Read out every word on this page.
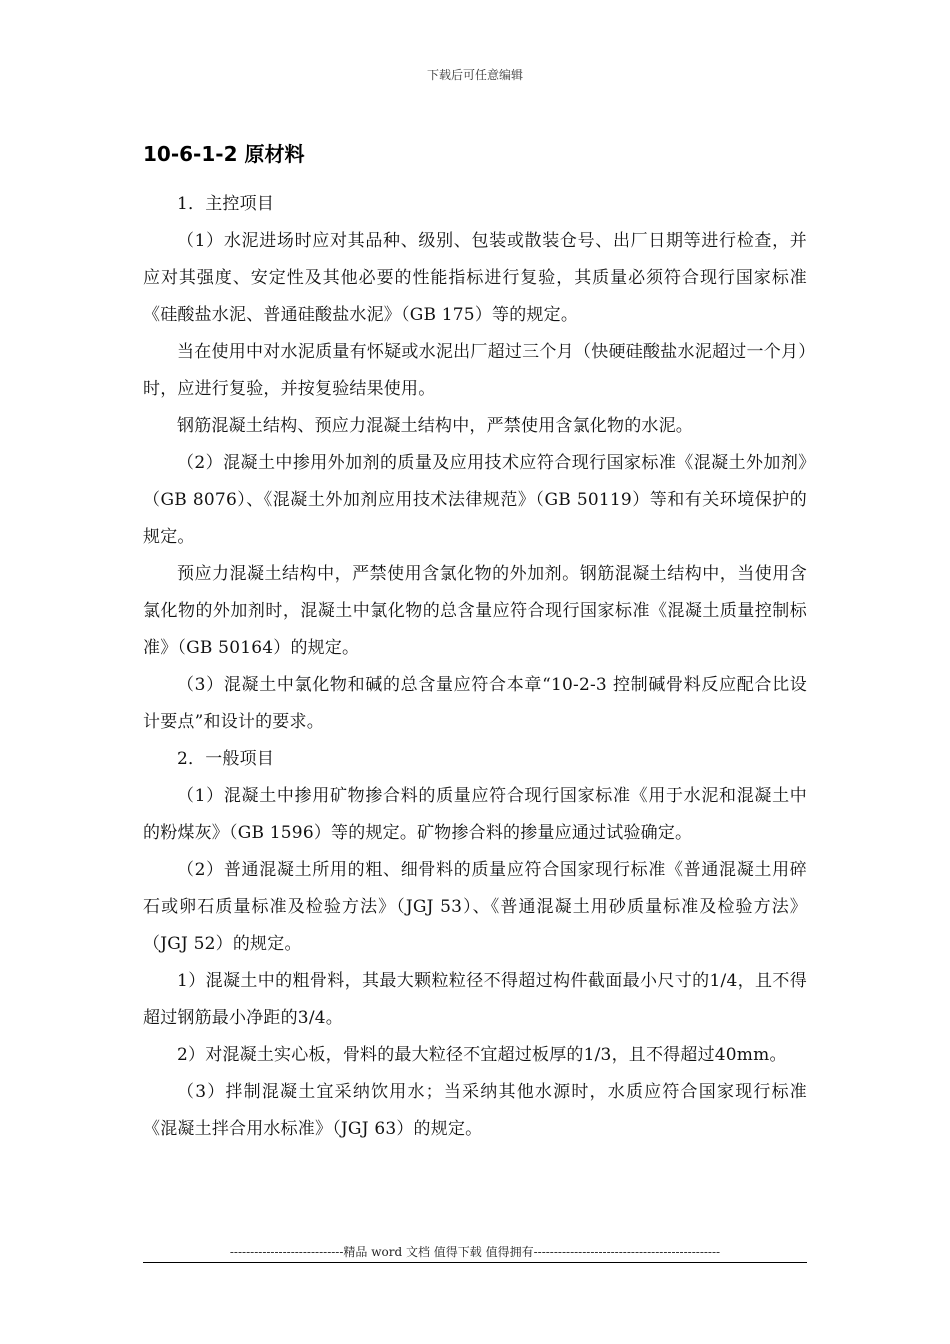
下载后可任意编辑
10-6-1-2 原材料

1．主控项目

（1）水泥进场时应对其品种、级别、包装或散装仓号、出厂日期等进行检查，并应对其强度、安定性及其他必要的性能指标进行复验，其质量必须符合现行国家标准《硅酸盐水泥、普通硅酸盐水泥》（GB 175）等的规定。

当在使用中对水泥质量有怀疑或水泥出厂超过三个月（快硬硅酸盐水泥超过一个月）时，应进行复验，并按复验结果使用。

钢筋混凝土结构、预应力混凝土结构中，严禁使用含氯化物的水泥。

（2）混凝土中掺用外加剂的质量及应用技术应符合现行国家标准《混凝土外加剂》（GB 8076）、《混凝土外加剂应用技术法律规范》（GB 50119）等和有关环境保护的规定。

预应力混凝土结构中，严禁使用含氯化物的外加剂。钢筋混凝土结构中，当使用含氯化物的外加剂时，混凝土中氯化物的总含量应符合现行国家标准《混凝土质量控制标准》（GB 50164）的规定。

（3）混凝土中氯化物和碱的总含量应符合本章“10-2-3 控制碱骨料反应配合比设计要点”和设计的要求。

2．一般项目

（1）混凝土中掺用矿物掺合料的质量应符合现行国家标准《用于水泥和混凝土中的粉煤灰》（GB 1596）等的规定。矿物掺合料的掺量应通过试验确定。

（2）普通混凝土所用的粗、细骨料的质量应符合国家现行标准《普通混凝土用碎石或卵石质量标准及检验方法》（JGJ 53）、《普通混凝土用砂质量标准及检验方法》（JGJ 52）的规定。

1）混凝土中的粗骨料，其最大颗粒粒径不得超过构件截面最小尺寸的1/4，且不得超过钢筋最小净距的3/4。

2）对混凝土实心板，骨料的最大粒径不宜超过板厚的1/3，且不得超过40mm。

（3）拌制混凝土宜采纳饮用水；当采纳其他水源时，水质应符合国家现行标准《混凝土拌合用水标准》（JGJ 63）的规定。

----------------------------精品 word 文档 值得下载 值得拥有----------------------------------------------
